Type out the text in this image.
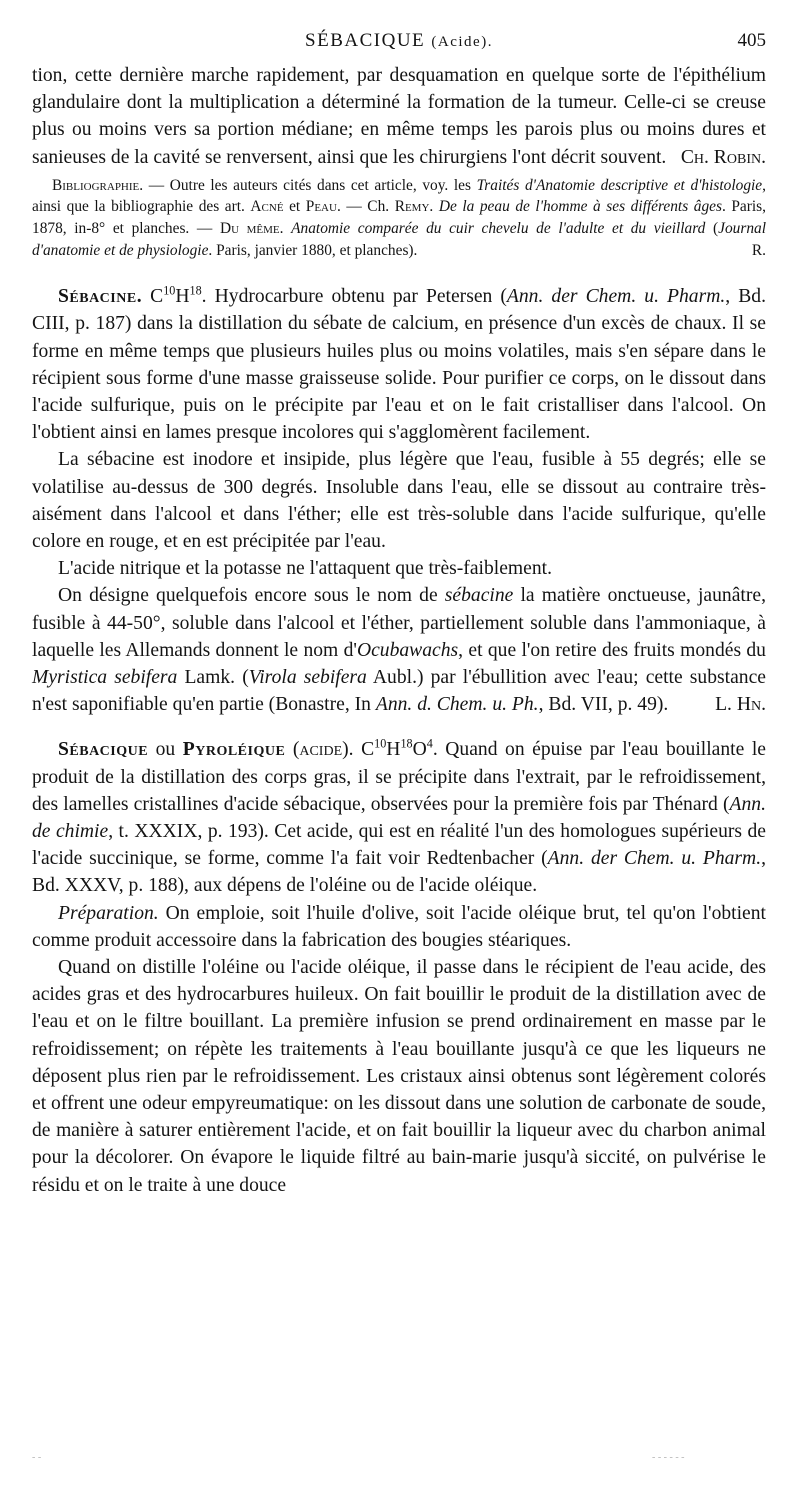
SÉBACIQUE (Acide).	405

tion, cette dernière marche rapidement, par desquamation en quelque sorte de l'épithélium glandulaire dont la multiplication a déterminé la formation de la tumeur. Celle-ci se creuse plus ou moins vers sa portion médiane; en même temps les parois plus ou moins dures et sanieuses de la cavité se renversent, ainsi que les chirurgiens l'ont décrit souvent. Ch. Robin.

Bibliographie. — Outre les auteurs cités dans cet article, voy. les Traités d'Anatomie descriptive et d'histologie, ainsi que la bibliographie des art. Acné et Peau. — Ch. Remy. De la peau de l'homme à ses différents âges. Paris, 1878, in-8° et planches. — Du même. Anatomie comparée du cuir chevelu de l'adulte et du vieillard (Journal d'anatomie et de physiologie. Paris, janvier 1880, et planches).	R.

Sébacine. $C^{10}H^{18}$. Hydrocarbure obtenu par Petersen (Ann. der Chem. u. Pharm., Bd. CIII, p. 187) dans la distillation du sébate de calcium, en présence d'un excès de chaux. Il se forme en même temps que plusieurs huiles plus ou moins volatiles, mais s'en sépare dans le récipient sous forme d'une masse graisseuse solide. Pour purifier ce corps, on le dissout dans l'acide sulfurique, puis on le précipite par l'eau et on le fait cristalliser dans l'alcool. On l'obtient ainsi en lames presque incolores qui s'agglomèrent facilement.

La sébacine est inodore et insipide, plus légère que l'eau, fusible à 55 degrés; elle se volatilise au-dessus de 300 degrés. Insoluble dans l'eau, elle se dissout au contraire très-aisément dans l'alcool et dans l'éther; elle est très-soluble dans l'acide sulfurique, qu'elle colore en rouge, et en est précipitée par l'eau.

L'acide nitrique et la potasse ne l'attaquent que très-faiblement.

On désigne quelquefois encore sous le nom de sébacine la matière onctueuse, jaunâtre, fusible à 44-50°, soluble dans l'alcool et l'éther, partiellement soluble dans l'ammoniaque, à laquelle les Allemands donnent le nom d'Ocubawachs, et que l'on retire des fruits mondés du Myristica sebifera Lamk. (Virola sebifera Aubl.) par l'ébullition avec l'eau; cette substance n'est saponifiable qu'en partie (Bonastre, In Ann. d. Chem. u. Ph., Bd. VII, p. 49).	L. Hn.

Sébacique ou Pyroléique (acide). $C^{10}H^{18}O^4$. Quand on épuise par l'eau bouillante le produit de la distillation des corps gras, il se précipite dans l'extrait, par le refroidissement, des lamelles cristallines d'acide sébacique, observées pour la première fois par Thénard (Ann. de chimie, t. XXXIX, p. 193). Cet acide, qui est en réalité l'un des homologues supérieurs de l'acide succinique, se forme, comme l'a fait voir Redtenbacher (Ann. der Chem. u. Pharm., Bd. XXXV, p. 188), aux dépens de l'oléine ou de l'acide oléique.

Préparation. On emploie, soit l'huile d'olive, soit l'acide oléique brut, tel qu'on l'obtient comme produit accessoire dans la fabrication des bougies stéariques.

Quand on distille l'oléine ou l'acide oléique, il passe dans le récipient de l'eau acide, des acides gras et des hydrocarbures huileux. On fait bouillir le produit de la distillation avec de l'eau et on le filtre bouillant. La première infusion se prend ordinairement en masse par le refroidissement; on répète les traitements à l'eau bouillante jusqu'à ce que les liqueurs ne déposent plus rien par le refroidissement. Les cristaux ainsi obtenus sont légèrement colorés et offrent une odeur empyreumatique: on les dissout dans une solution de carbonate de soude, de manière à saturer entièrement l'acide, et on fait bouillir la liqueur avec du charbon animal pour la décolorer. On évapore le liquide filtré au bain-marie jusqu'à siccité, on pulvérise le résidu et on le traite à une douce

- -	- - - - - -
